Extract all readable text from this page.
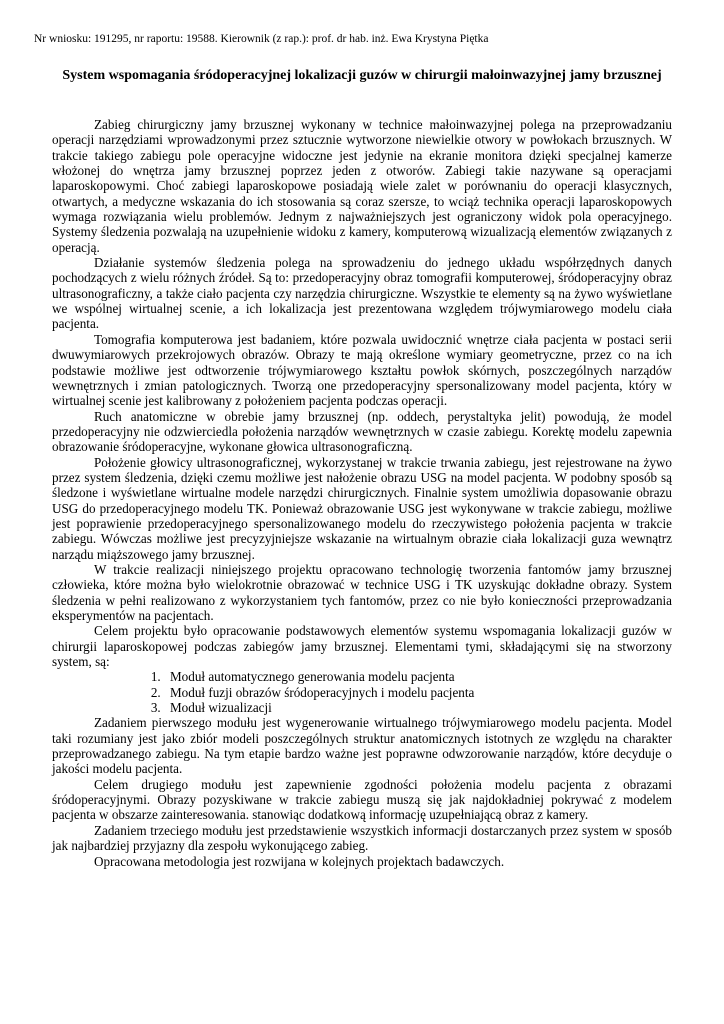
Nr wniosku: 191295, nr raportu: 19588. Kierownik (z rap.): prof. dr hab. inż. Ewa Krystyna Piętka
System wspomagania śródoperacyjnej lokalizacji guzów w chirurgii małoinwazyjnej jamy brzusznej

Zabieg chirurgiczny jamy brzusznej wykonany w technice małoinwazyjnej polega na przeprowadzaniu operacji narzędziami wprowadzonymi przez sztucznie wytworzone niewielkie otwory w powłokach brzusznych. W trakcie takiego zabiegu pole operacyjne widoczne jest jedynie na ekranie monitora dzięki specjalnej kamerze włożonej do wnętrza jamy brzusznej poprzez jeden z otworów. Zabiegi takie nazywane są operacjami laparoskopowymi. Choć zabiegi laparoskopowe posiadają wiele zalet w porównaniu do operacji klasycznych, otwartych, a medyczne wskazania do ich stosowania są coraz szersze, to wciąż technika operacji laparoskopowych wymaga rozwiązania wielu problemów. Jednym z najważniejszych jest ograniczony widok pola operacyjnego. Systemy śledzenia pozwalają na uzupełnienie widoku z kamery, komputerową wizualizacją elementów związanych z operacją.

Działanie systemów śledzenia polega na sprowadzeniu do jednego układu współrzędnych danych pochodzących z wielu różnych źródeł. Są to: przedoperacyjny obraz tomografii komputerowej, śródoperacyjny obraz ultrasonograficzny, a także ciało pacjenta czy narzędzia chirurgiczne. Wszystkie te elementy są na żywo wyświetlane we wspólnej wirtualnej scenie, a ich lokalizacja jest prezentowana względem trójwymiarowego modelu ciała pacjenta.

Tomografia komputerowa jest badaniem, które pozwala uwidocznić wnętrze ciała pacjenta w postaci serii dwuwymiarowych przekrojowych obrazów. Obrazy te mają określone wymiary geometryczne, przez co na ich podstawie możliwe jest odtworzenie trójwymiarowego kształtu powłok skórnych, poszczególnych narządów wewnętrznych i zmian patologicznych. Tworzą one przedoperacyjny spersonalizowany model pacjenta, który w wirtualnej scenie jest kalibrowany z położeniem pacjenta podczas operacji.

Ruch anatomiczne w obrebie jamy brzusznej (np. oddech, perystaltyka jelit) powodują, że model przedoperacyjny nie odzwierciedla położenia narządów wewnętrznych w czasie zabiegu. Korektę modelu zapewnia obrazowanie śródoperacyjne, wykonane głowica ultrasonograficzną.

Położenie głowicy ultrasonograficznej, wykorzystanej w trakcie trwania zabiegu, jest rejestrowane na żywo przez system śledzenia, dzięki czemu możliwe jest nałożenie obrazu USG na model pacjenta. W podobny sposób są śledzone i wyświetlane wirtualne modele narzędzi chirurgicznych. Finalnie system umożliwia dopasowanie obrazu USG do przedoperacyjnego modelu TK. Ponieważ obrazowanie USG jest wykonywane w trakcie zabiegu, możliwe jest poprawienie przedoperacyjnego spersonalizowanego modelu do rzeczywistego położenia pacjenta w trakcie zabiegu. Wówczas możliwe jest precyzyjniejsze wskazanie na wirtualnym obrazie ciała lokalizacji guza wewnątrz narządu miąższowego jamy brzusznej.

W trakcie realizacji niniejszego projektu opracowano technologię tworzenia fantomów jamy brzusznej człowieka, które można było wielokrotnie obrazować w technice USG i TK uzyskując dokładne obrazy. System śledzenia w pełni realizowano z wykorzystaniem tych fantomów, przez co nie było konieczności przeprowadzania eksperymentów na pacjentach.

Celem projektu było opracowanie podstawowych elementów systemu wspomagania lokalizacji guzów w chirurgii laparoskopowej podczas zabiegów jamy brzusznej. Elementami tymi, składającymi się na stworzony system, są:

1. Moduł automatycznego generowania modelu pacjenta
2. Moduł fuzji obrazów śródoperacyjnych i modelu pacjenta
3. Moduł wizualizacji

Zadaniem pierwszego modułu jest wygenerowanie wirtualnego trójwymiarowego modelu pacjenta. Model taki rozumiany jest jako zbiór modeli poszczególnych struktur anatomicznych istotnych ze względu na charakter przeprowadzanego zabiegu. Na tym etapie bardzo ważne jest poprawne odwzorowanie narządów, które decyduje o jakości modelu pacjenta.

Celem drugiego modułu jest zapewnienie zgodności położenia modelu pacjenta z obrazami śródoperacyjnymi. Obrazy pozyskiwane w trakcie zabiegu muszą się jak najdokładniej pokrywać z modelem pacjenta w obszarze zainteresowania. stanowiąc dodatkową informację uzupełniającą obraz z kamery.

Zadaniem trzeciego modułu jest przedstawienie wszystkich informacji dostarczanych przez system w sposób jak najbardziej przyjazny dla zespołu wykonującego zabieg.

Opracowana metodologia jest rozwijana w kolejnych projektach badawczych.
